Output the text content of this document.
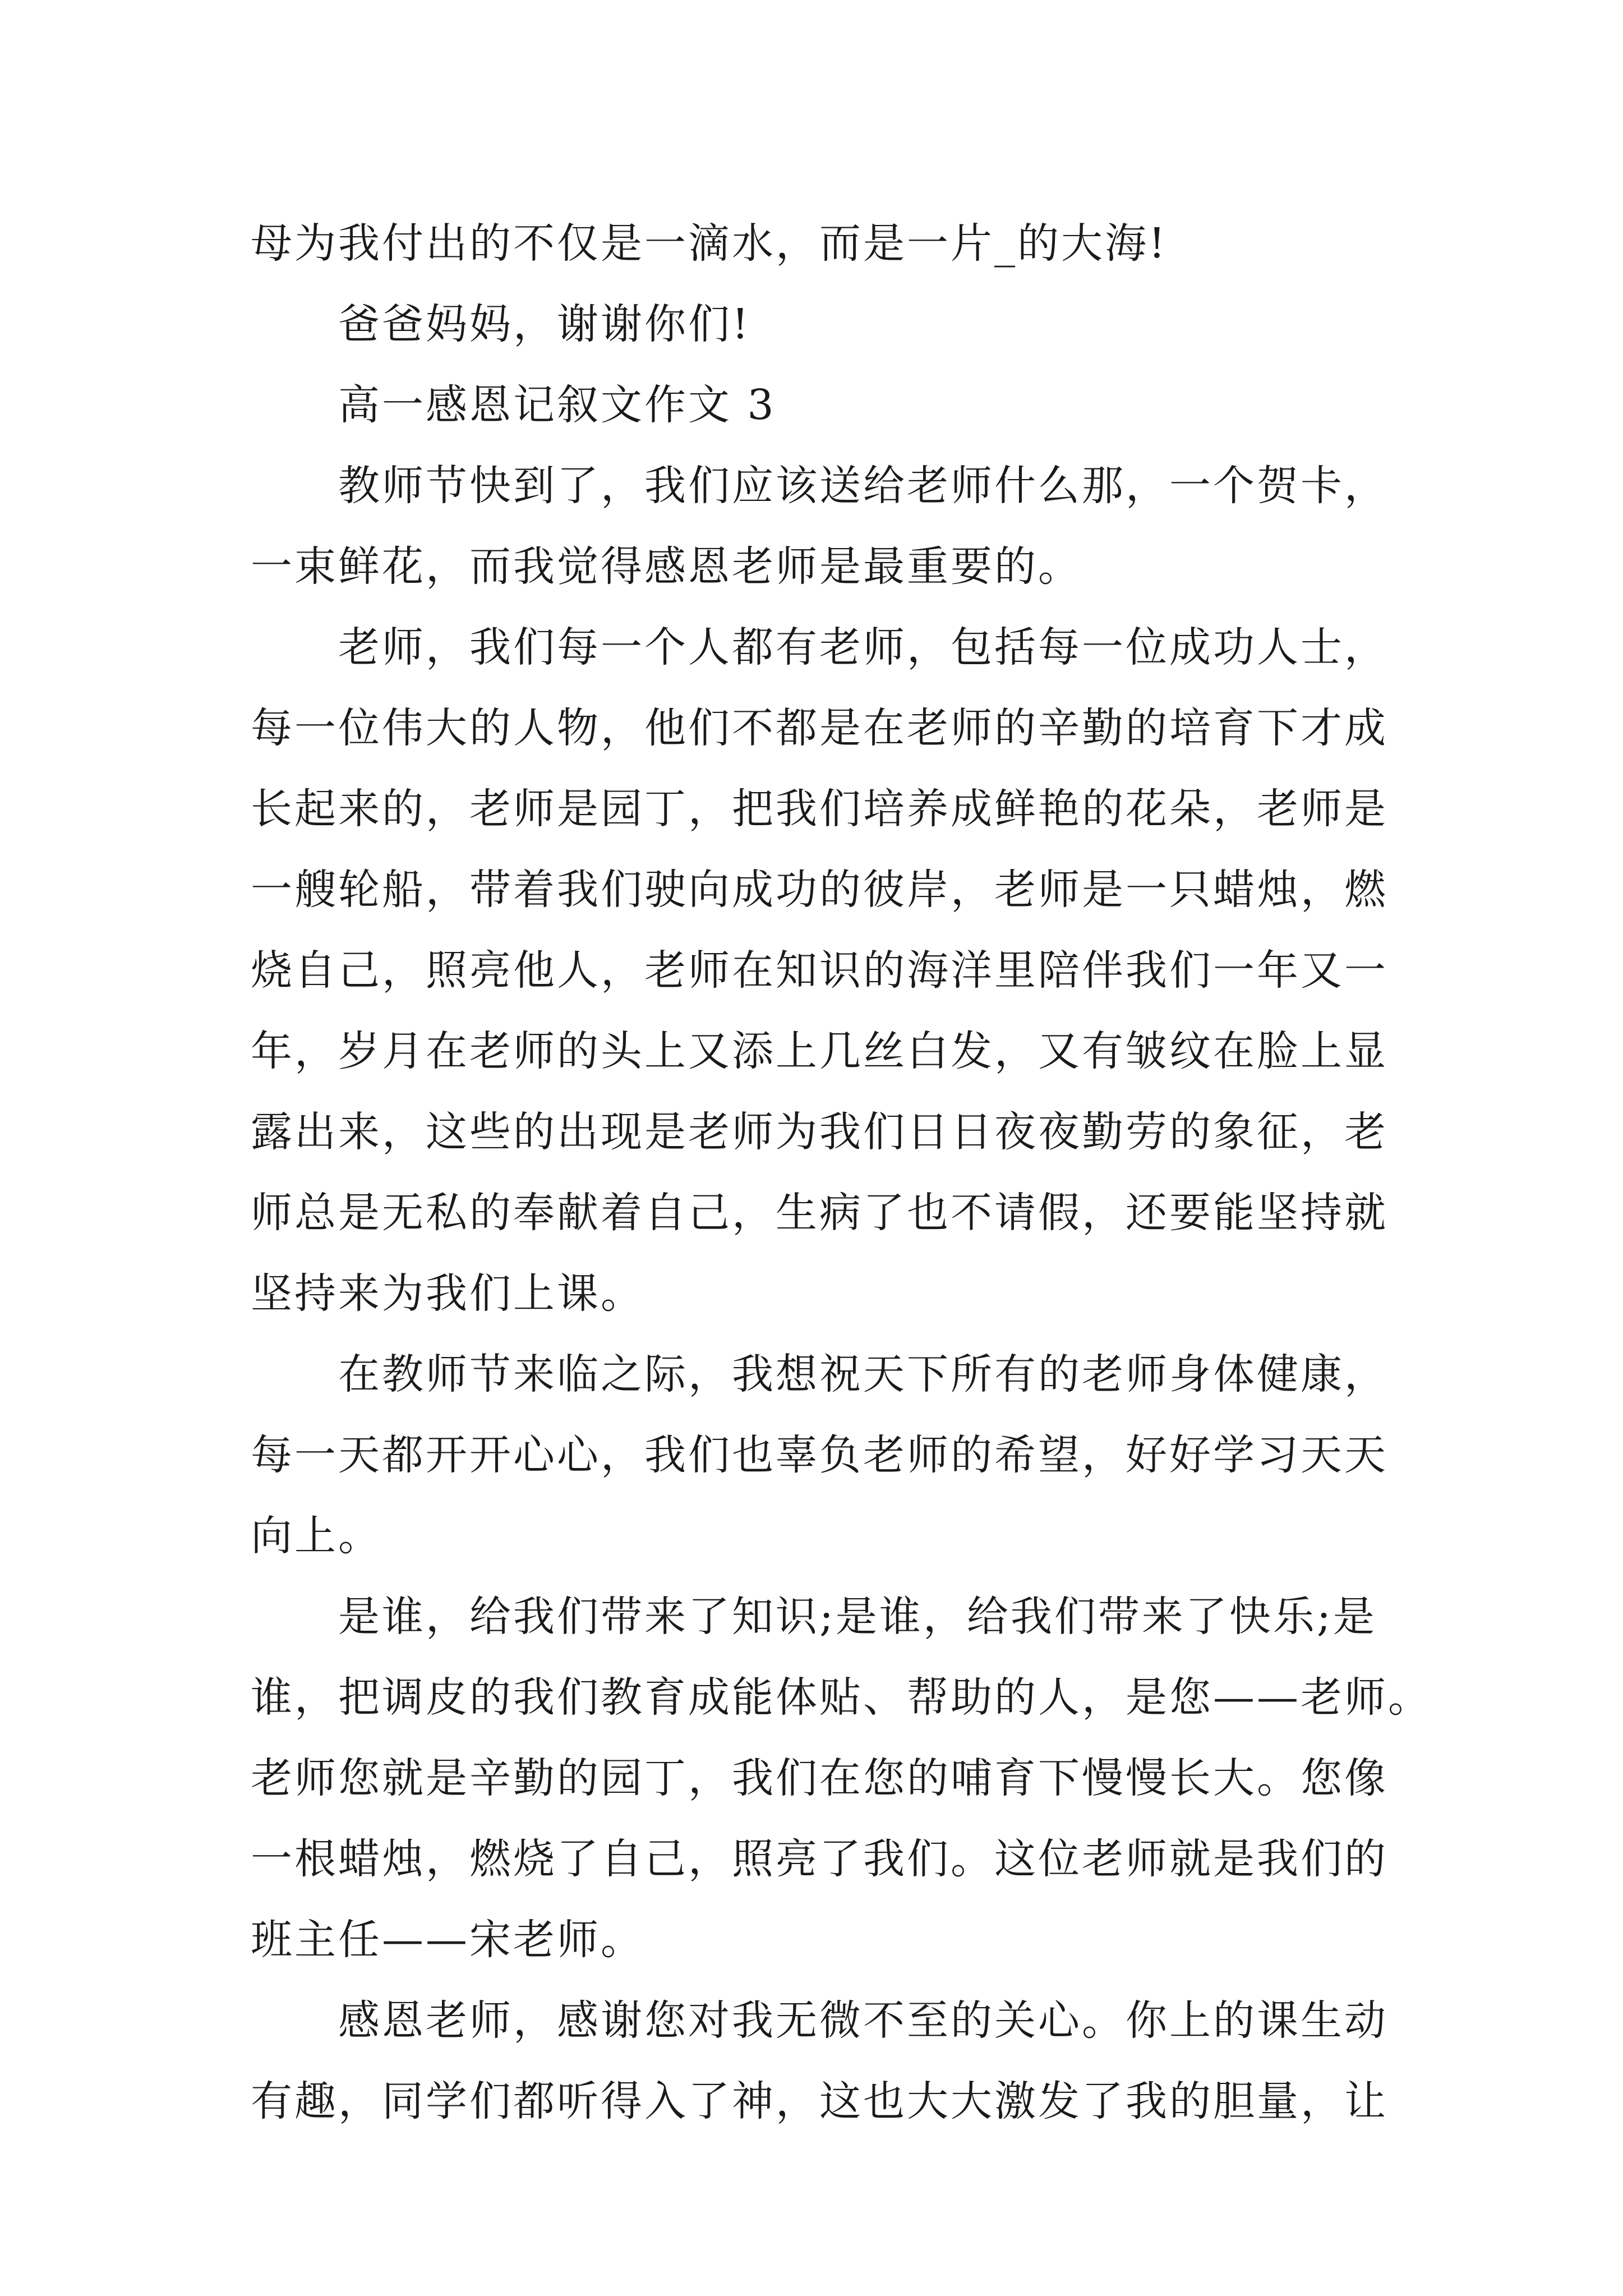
母为我付出的不仅是一滴水，而是一片_的大海!

爸爸妈妈，谢谢你们!

高一感恩记叙文作文 3

教师节快到了，我们应该送给老师什么那，一个贺卡，
一束鲜花，而我觉得感恩老师是最重要的。

老师，我们每一个人都有老师，包括每一位成功人士，
每一位伟大的人物，他们不都是在老师的辛勤的培育下才成
长起来的，老师是园丁，把我们培养成鲜艳的花朵，老师是
一艘轮船，带着我们驶向成功的彼岸，老师是一只蜡烛，燃
烧自己，照亮他人，老师在知识的海洋里陪伴我们一年又一
年，岁月在老师的头上又添上几丝白发，又有皱纹在脸上显
露出来，这些的出现是老师为我们日日夜夜勤劳的象征，老
师总是无私的奉献着自己，生病了也不请假，还要能坚持就
坚持来为我们上课。

在教师节来临之际，我想祝天下所有的老师身体健康，
每一天都开开心心，我们也辜负老师的希望，好好学习天天
向上。

是谁，给我们带来了知识;是谁，给我们带来了快乐;是
谁，把调皮的我们教育成能体贴、帮助的人，是您——老师。
老师您就是辛勤的园丁，我们在您的哺育下慢慢长大。您像
一根蜡烛，燃烧了自己，照亮了我们。这位老师就是我们的
班主任——宋老师。

感恩老师，感谢您对我无微不至的关心。你上的课生动
有趣，同学们都听得入了神，这也大大激发了我的胆量，让
